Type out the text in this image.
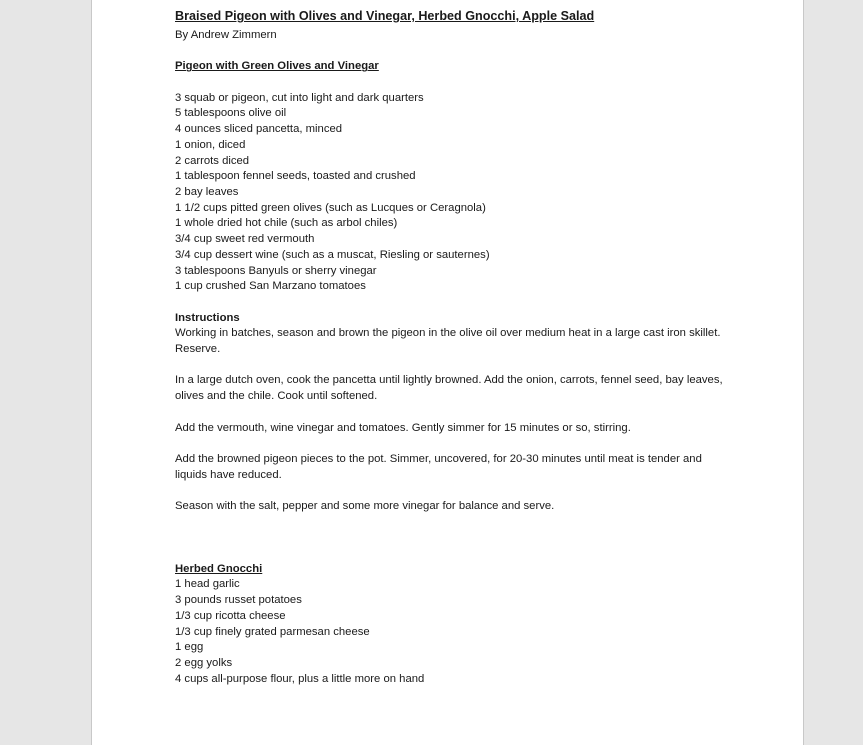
Braised Pigeon with Olives and Vinegar, Herbed Gnocchi, Apple Salad
By Andrew Zimmern
Pigeon with Green Olives and Vinegar
3 squab or pigeon, cut into light and dark quarters
5 tablespoons olive oil
4 ounces sliced pancetta, minced
1 onion, diced
2 carrots diced
1 tablespoon fennel seeds, toasted and crushed
2 bay leaves
1 1/2 cups pitted green olives (such as Lucques or Ceragnola)
1 whole dried hot chile (such as arbol chiles)
3/4 cup sweet red vermouth
3/4 cup dessert wine (such as a muscat, Riesling or sauternes)
3 tablespoons Banyuls or sherry vinegar
1 cup crushed San Marzano tomatoes
Instructions
Working in batches, season and brown the pigeon in the olive oil over medium heat in a large cast iron skillet. Reserve.
In a large dutch oven, cook the pancetta until lightly browned. Add the onion, carrots, fennel seed, bay leaves, olives and the chile. Cook until softened.
Add the vermouth, wine vinegar and tomatoes. Gently simmer for 15 minutes or so, stirring.
Add the browned pigeon pieces to the pot. Simmer, uncovered, for 20-30 minutes until meat is tender and liquids have reduced.
Season with the salt, pepper and some more vinegar for balance and serve.
Herbed Gnocchi
1 head garlic
3 pounds russet potatoes
1/3 cup ricotta cheese
1/3 cup finely grated parmesan cheese
1 egg
2 egg yolks
4 cups all-purpose flour, plus a little more on hand
